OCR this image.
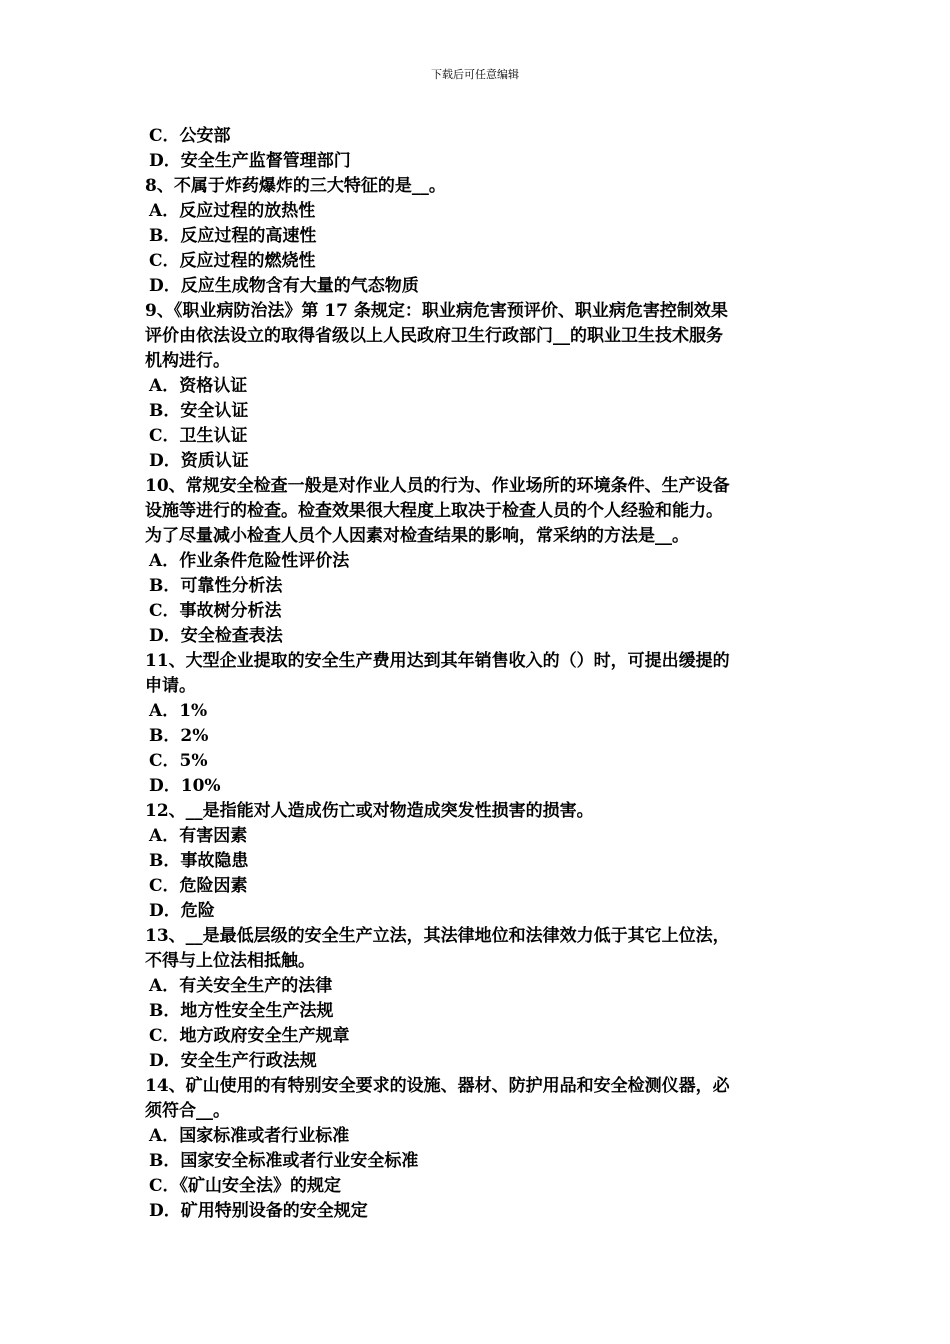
下载后可任意编辑
C．公安部
D．安全生产监督管理部门
8、不属于炸药爆炸的三大特征的是__。
A．反应过程的放热性
B．反应过程的高速性
C．反应过程的燃烧性
D．反应生成物含有大量的气态物质
9、《职业病防治法》第 17 条规定：职业病危害预评价、职业病危害控制效果
评价由依法设立的取得省级以上人民政府卫生行政部门__的职业卫生技术服务
机构进行。
A．资格认证
B．安全认证
C．卫生认证
D．资质认证
10、常规安全检查一般是对作业人员的行为、作业场所的环境条件、生产设备
设施等进行的检查。检查效果很大程度上取决于检查人员的个人经验和能力。
为了尽量减小检查人员个人因素对检查结果的影响，常采纳的方法是__。
A．作业条件危险性评价法
B．可靠性分析法
C．事故树分析法
D．安全检查表法
11、大型企业提取的安全生产费用达到其年销售收入的（）时，可提出缓提的
申请。
A．1%
B．2%
C．5%
D．10%
12、__是指能对人造成伤亡或对物造成突发性损害的损害。
A．有害因素
B．事故隐患
C．危险因素
D．危险
13、__是最低层级的安全生产立法，其法律地位和法律效力低于其它上位法，
不得与上位法相抵触。
A．有关安全生产的法律
B．地方性安全生产法规
C．地方政府安全生产规章
D．安全生产行政法规
14、矿山使用的有特别安全要求的设施、器材、防护用品和安全检测仪器，必
须符合__。
A．国家标准或者行业标准
B．国家安全标准或者行业安全标准
C．《矿山安全法》的规定
D．矿用特别设备的安全规定
